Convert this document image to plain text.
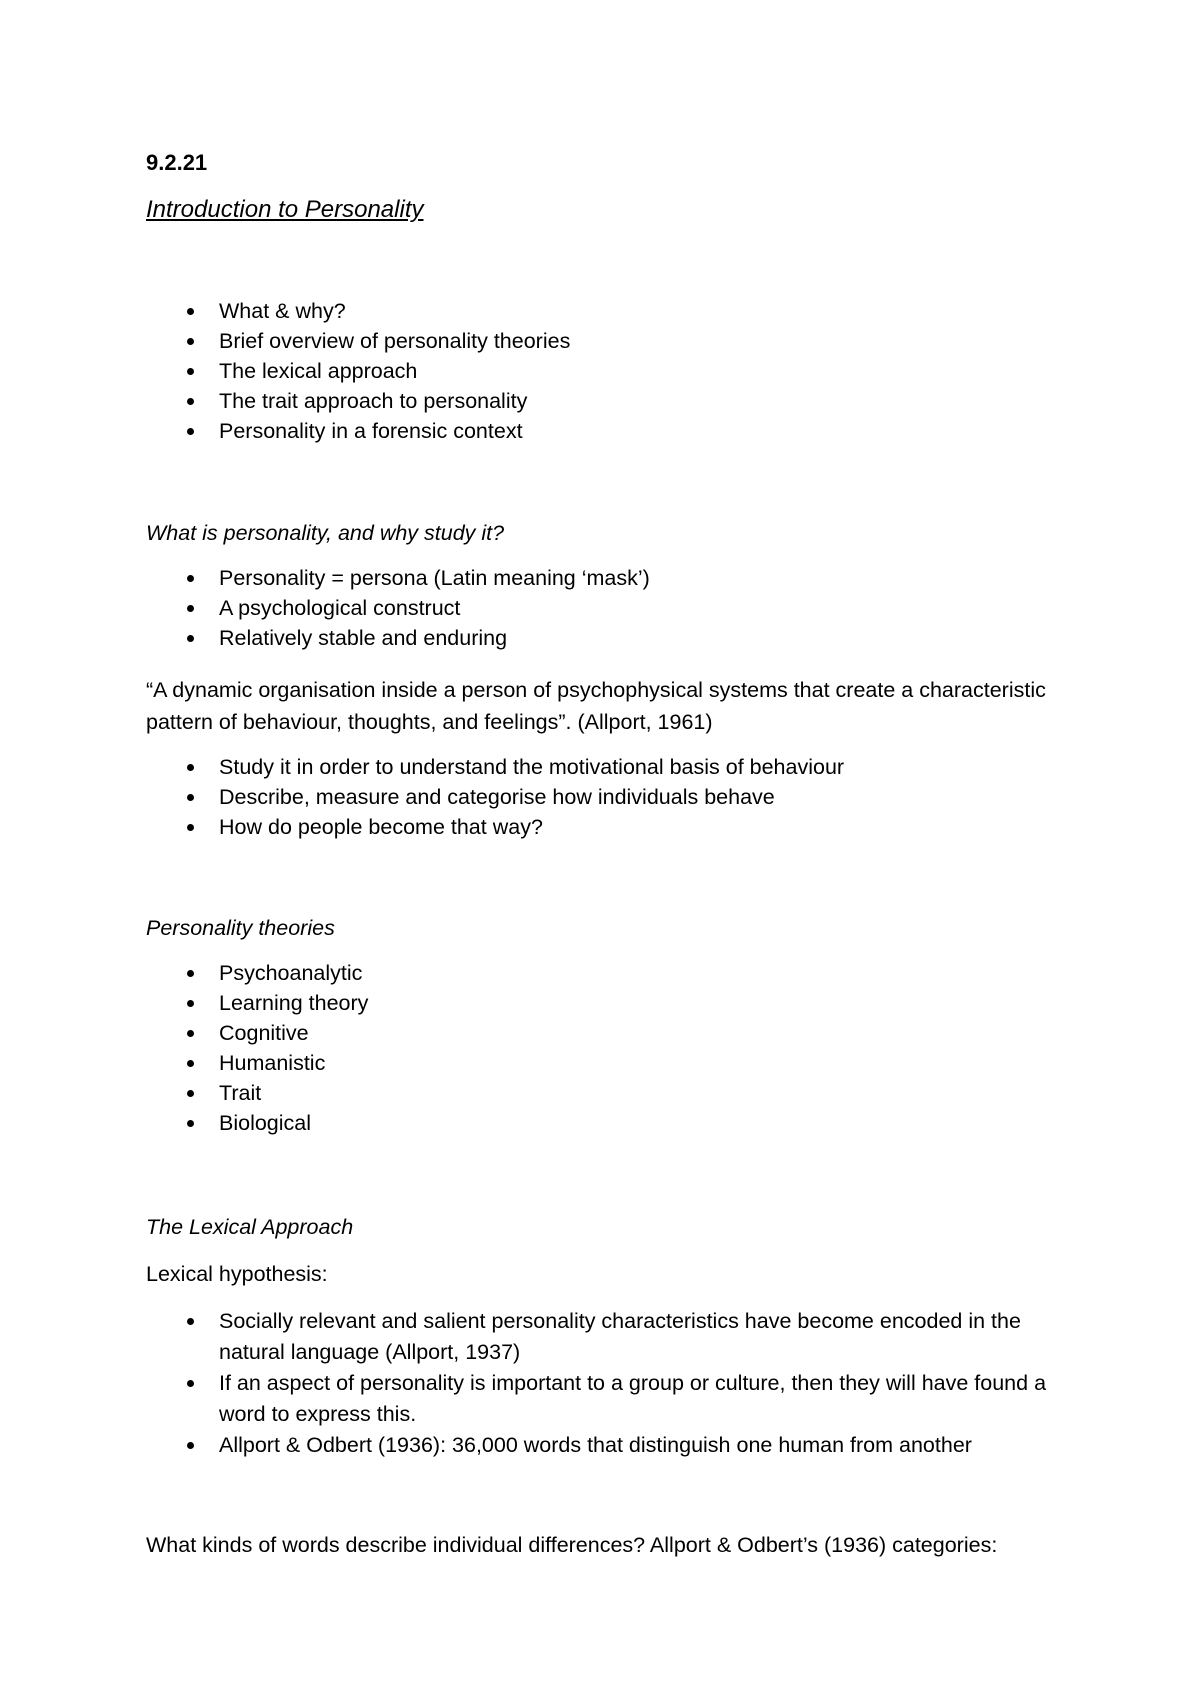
9.2.21
Introduction to Personality
What & why?
Brief overview of personality theories
The lexical approach
The trait approach to personality
Personality in a forensic context
What is personality, and why study it?
Personality = persona (Latin meaning ‘mask’)
A psychological construct
Relatively stable and enduring
“A dynamic organisation inside a person of psychophysical systems that create a characteristic pattern of behaviour, thoughts, and feelings”. (Allport, 1961)
Study it in order to understand the motivational basis of behaviour
Describe, measure and categorise how individuals behave
How do people become that way?
Personality theories
Psychoanalytic
Learning theory
Cognitive
Humanistic
Trait
Biological
The Lexical Approach
Lexical hypothesis:
Socially relevant and salient personality characteristics have become encoded in the natural language (Allport, 1937)
If an aspect of personality is important to a group or culture, then they will have found a word to express this.
Allport & Odbert (1936): 36,000 words that distinguish one human from another
What kinds of words describe individual differences? Allport & Odbert’s (1936) categories:
